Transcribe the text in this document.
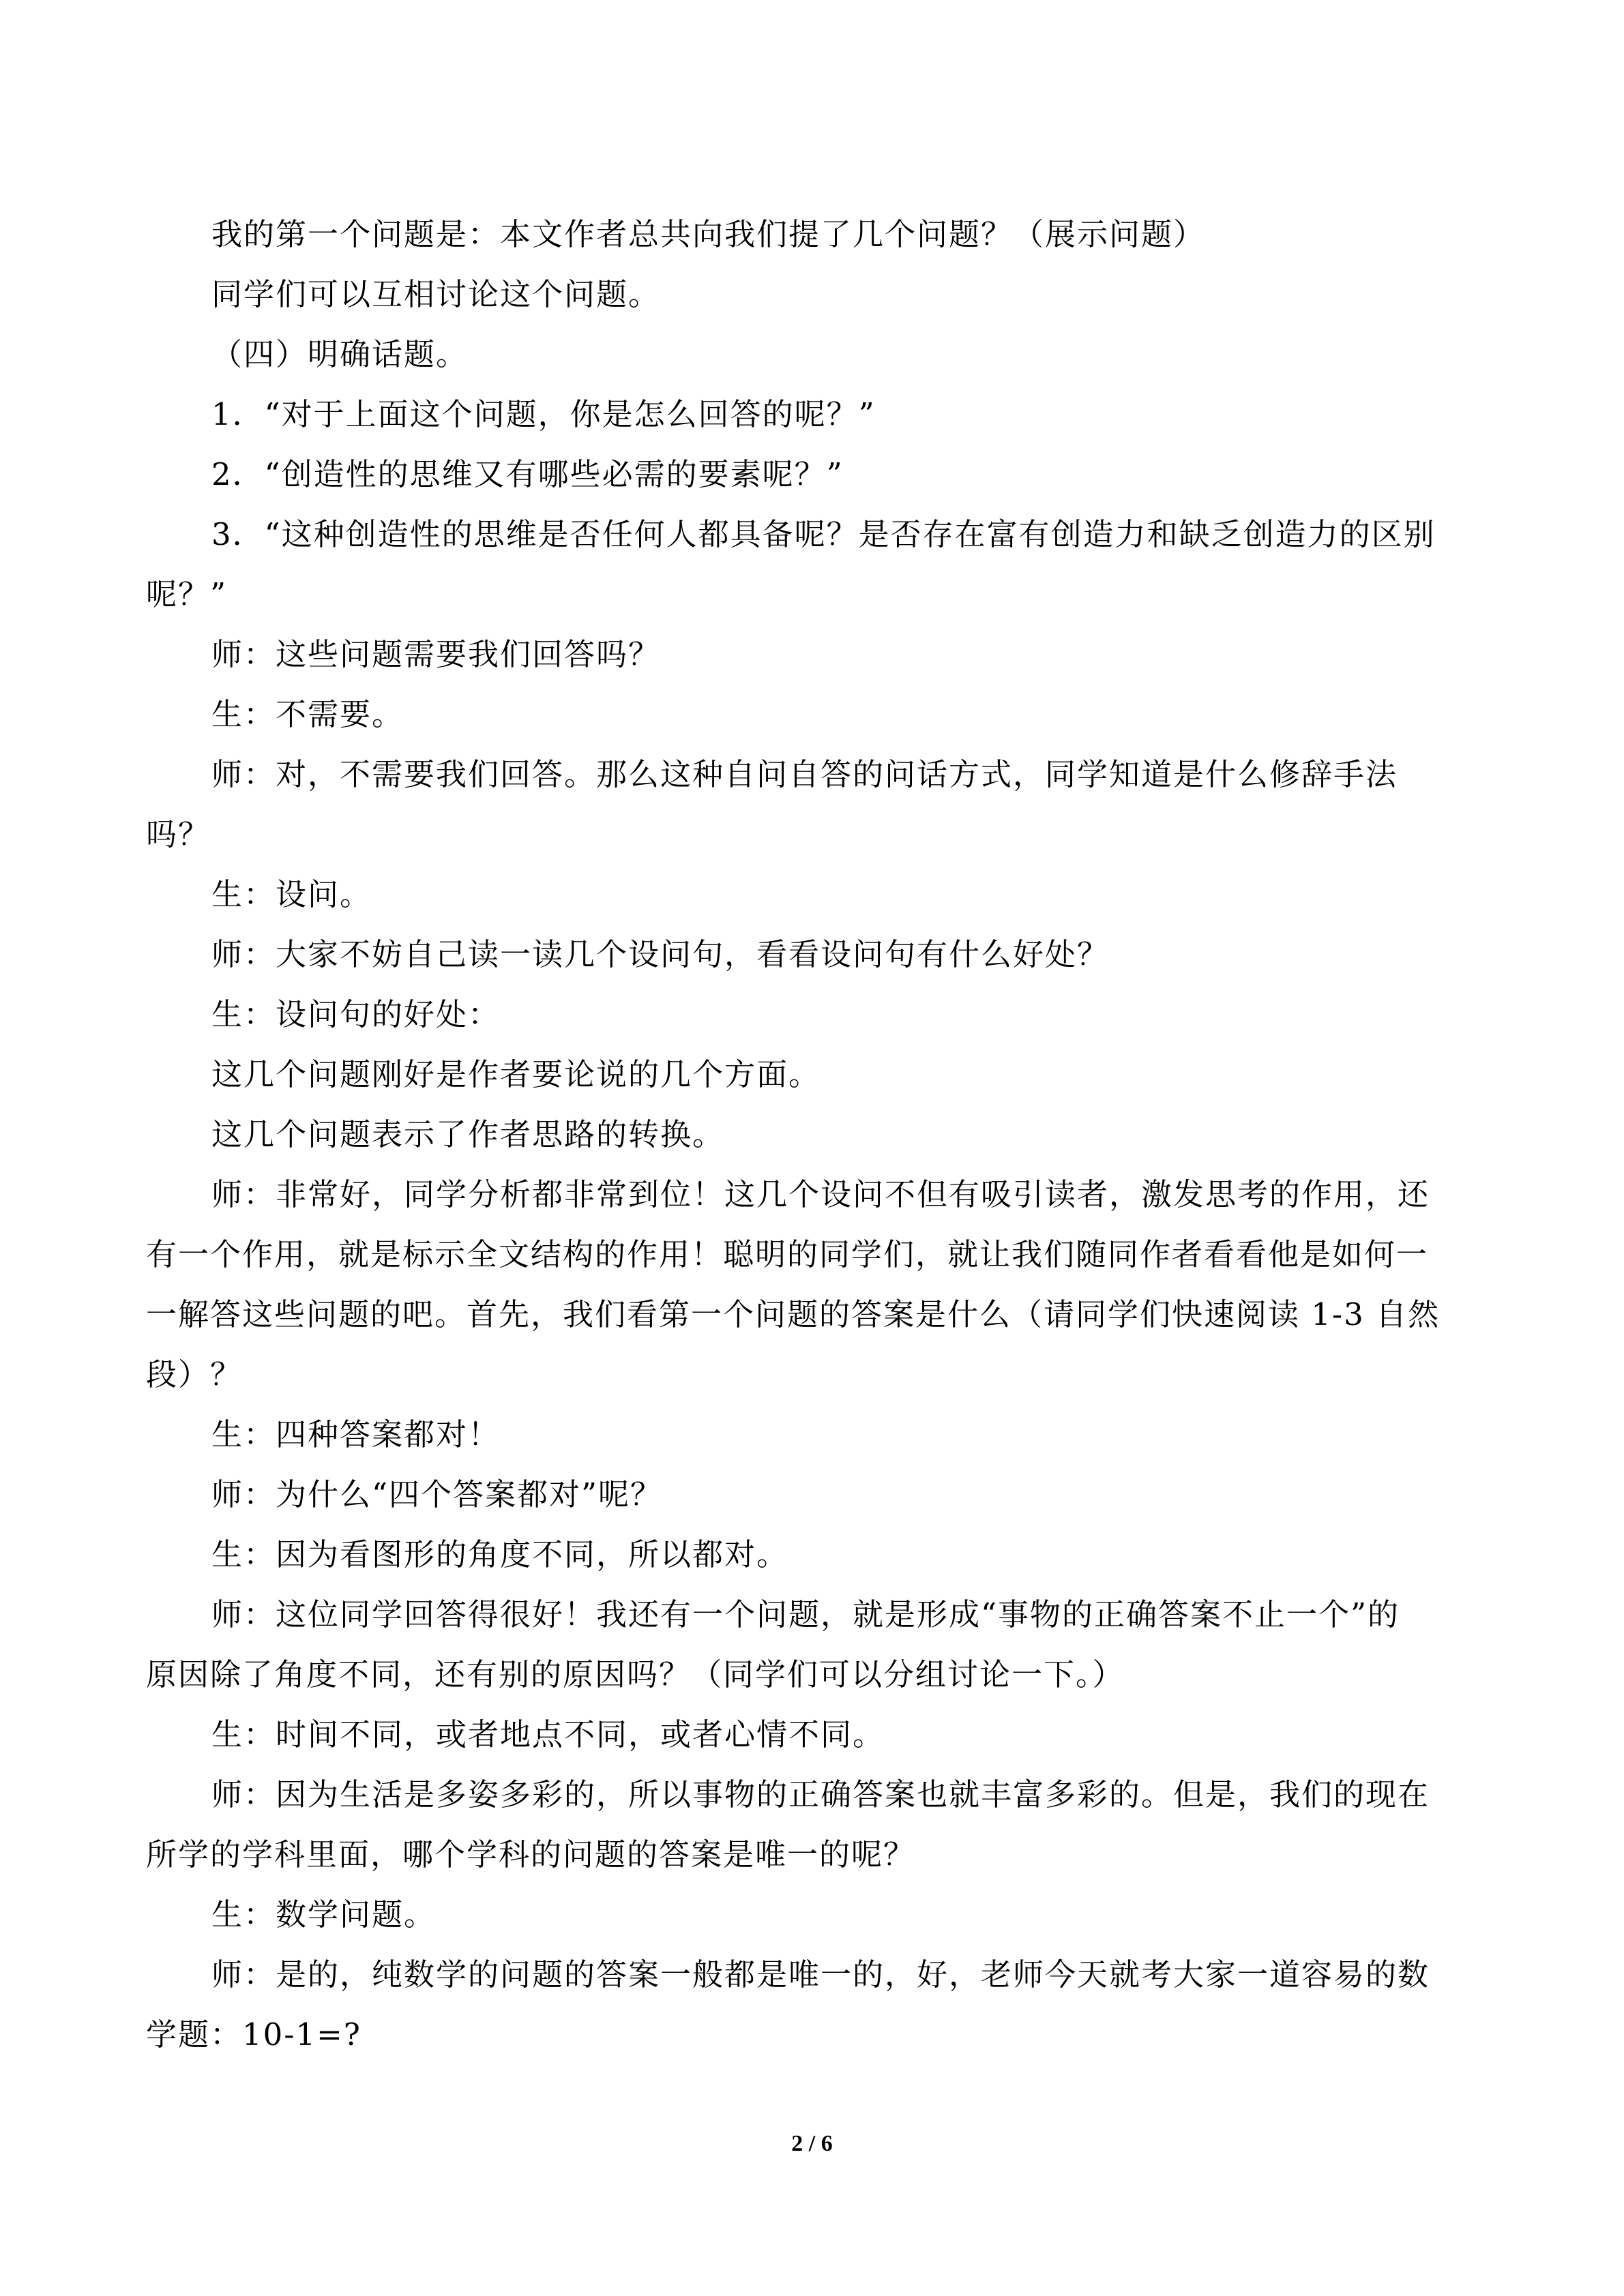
我的第一个问题是：本文作者总共向我们提了几个问题？（展示问题）
同学们可以互相讨论这个问题。
（四）明确话题。
1．“对于上面这个问题，你是怎么回答的呢？”
2．“创造性的思维又有哪些必需的要素呢？”
3．“这种创造性的思维是否任何人都具备呢？是否存在富有创造力和缺乏创造力的区别
呢？”
师：这些问题需要我们回答吗？
生：不需要。
师：对，不需要我们回答。那么这种自问自答的问话方式，同学知道是什么修辞手法
吗？
生：设问。
师：大家不妨自己读一读几个设问句，看看设问句有什么好处？
生：设问句的好处：
这几个问题刚好是作者要论说的几个方面。
这几个问题表示了作者思路的转换。
师：非常好，同学分析都非常到位！这几个设问不但有吸引读者，激发思考的作用，还
有一个作用，就是标示全文结构的作用！聪明的同学们，就让我们随同作者看看他是如何一
一解答这些问题的吧。首先，我们看第一个问题的答案是什么（请同学们快速阅读 1-3 自然
段）？
生：四种答案都对！
师：为什么“四个答案都对”呢？
生：因为看图形的角度不同，所以都对。
师：这位同学回答得很好！我还有一个问题，就是形成“事物的正确答案不止一个”的
原因除了角度不同，还有别的原因吗？（同学们可以分组讨论一下。）
生：时间不同，或者地点不同，或者心情不同。
师：因为生活是多姿多彩的，所以事物的正确答案也就丰富多彩的。但是，我们的现在
所学的学科里面，哪个学科的问题的答案是唯一的呢？
生：数学问题。
师：是的，纯数学的问题的答案一般都是唯一的，好，老师今天就考大家一道容易的数
学题：10-1=?
2 / 6
